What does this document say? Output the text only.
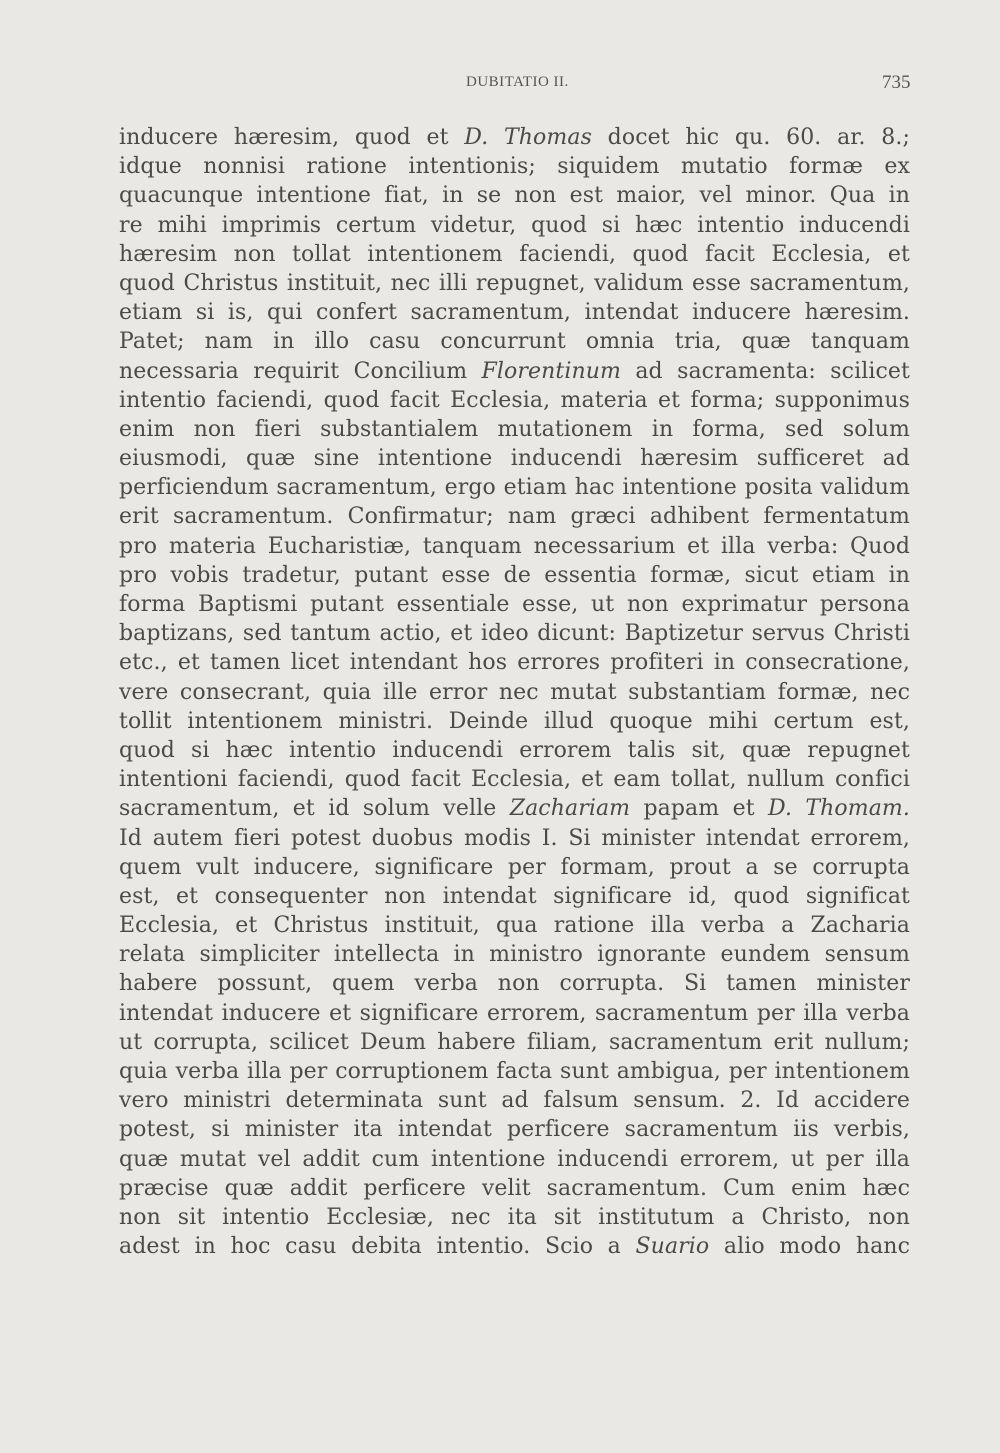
DUBITATIO II.	735
inducere hæresim, quod et D. Thomas docet hic qu. 60. ar. 8.;
idque nonnisi ratione intentionis; siquidem mutatio formæ ex
quacunque intentione fiat, in se non est maior, vel minor. Qua in
re mihi imprimis certum videtur, quod si hæc intentio inducendi
hæresim non tollat intentionem faciendi, quod facit Ecclesia, et
quod Christus instituit, nec illi repugnet, validum esse sacramentum,
etiam si is, qui confert sacramentum, intendat inducere hæresim.
Patet; nam in illo casu concurrunt omnia tria, quæ tanquam
necessaria requirit Concilium Florentinum ad sacramenta: scilicet
intentio faciendi, quod facit Ecclesia, materia et forma; supponimus
enim non fieri substantialem mutationem in forma, sed solum
eiusmodi, quæ sine intentione inducendi hæresim sufficeret ad
perficiendum sacramentum, ergo etiam hac intentione posita validum
erit sacramentum. Confirmatur; nam græci adhibent fermentatum
pro materia Eucharistiæ, tanquam necessarium et illa verba: Quod
pro vobis tradetur, putant esse de essentia formæ, sicut etiam in
forma Baptismi putant essentiale esse, ut non exprimatur persona
baptizans, sed tantum actio, et ideo dicunt: Baptizetur servus Christi
etc., et tamen licet intendant hos errores profiteri in consecratione,
vere consecrant, quia ille error nec mutat substantiam formæ, nec
tollit intentionem ministri. Deinde illud quoque mihi certum est,
quod si hæc intentio inducendi errorem talis sit, quæ repugnet
intentioni faciendi, quod facit Ecclesia, et eam tollat, nullum confici
sacramentum, et id solum velle Zachariam papam et D. Thomam.
Id autem fieri potest duobus modis I. Si minister intendat errorem,
quem vult inducere, significare per formam, prout a se corrupta
est, et consequenter non intendat significare id, quod significat
Ecclesia, et Christus instituit, qua ratione illa verba a Zacharia
relata simpliciter intellecta in ministro ignorante eundem sensum
habere possunt, quem verba non corrupta. Si tamen minister
intendat inducere et significare errorem, sacramentum per illa verba
ut corrupta, scilicet Deum habere filiam, sacramentum erit nullum;
quia verba illa per corruptionem facta sunt ambigua, per intentionem
vero ministri determinata sunt ad falsum sensum. 2. Id accidere
potest, si minister ita intendat perficere sacramentum iis verbis,
quæ mutat vel addit cum intentione inducendi errorem, ut per illa
præcise quæ addit perficere velit sacramentum. Cum enim hæc
non sit intentio Ecclesiæ, nec ita sit institutum a Christo, non
adest in hoc casu debita intentio. Scio a Suario alio modo hanc
